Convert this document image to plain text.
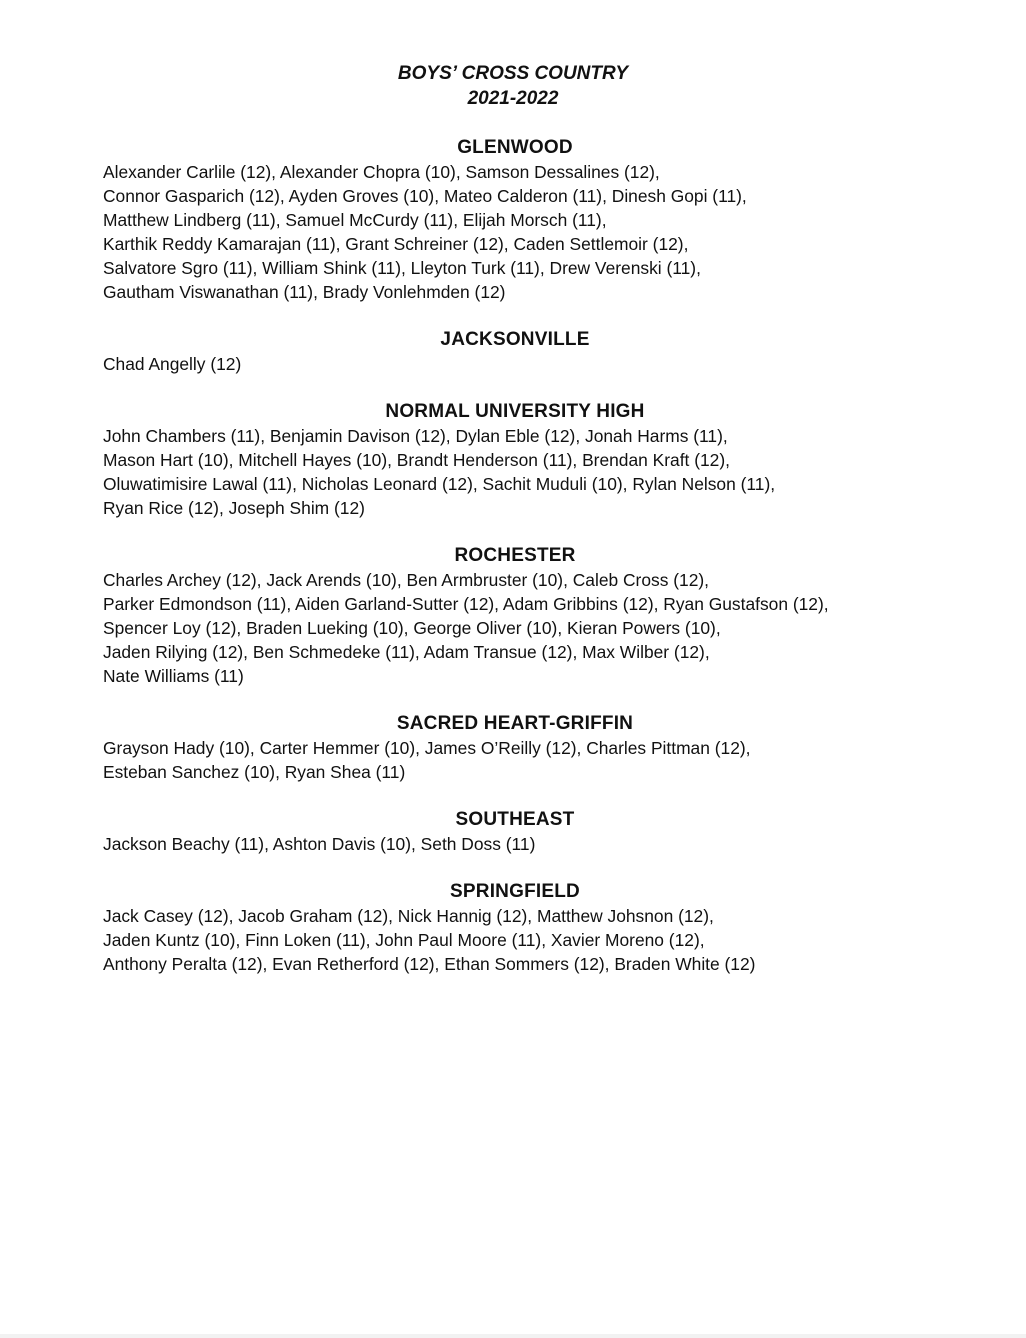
BOYS’ CROSS COUNTRY
2021-2022
GLENWOOD
Alexander Carlile (12), Alexander Chopra (10), Samson Dessalines (12),
Connor Gasparich (12), Ayden Groves (10), Mateo Calderon (11), Dinesh Gopi (11),
Matthew Lindberg (11), Samuel McCurdy (11), Elijah Morsch (11),
Karthik Reddy Kamarajan (11), Grant Schreiner (12), Caden Settlemoir (12),
Salvatore Sgro (11), William Shink (11), Lleyton Turk (11), Drew Verenski (11),
Gautham Viswanathan (11), Brady Vonlehmden (12)
JACKSONVILLE
Chad Angelly (12)
NORMAL UNIVERSITY HIGH
John Chambers (11), Benjamin Davison (12), Dylan Eble (12), Jonah Harms (11),
Mason Hart (10), Mitchell Hayes (10), Brandt Henderson (11), Brendan Kraft (12),
Oluwatimisire Lawal (11), Nicholas Leonard (12), Sachit Muduli (10), Rylan Nelson (11),
Ryan Rice (12), Joseph Shim (12)
ROCHESTER
Charles Archey (12), Jack Arends (10), Ben Armbruster (10), Caleb Cross (12),
Parker Edmondson (11), Aiden Garland-Sutter (12), Adam Gribbins (12), Ryan Gustafson (12),
Spencer Loy (12), Braden Lueking (10), George Oliver (10), Kieran Powers (10),
Jaden Rilying (12), Ben Schmedeke (11), Adam Transue (12), Max Wilber (12),
Nate Williams (11)
SACRED HEART-GRIFFIN
Grayson Hady (10), Carter Hemmer (10), James O’Reilly (12), Charles Pittman (12),
Esteban Sanchez (10), Ryan Shea (11)
SOUTHEAST
Jackson Beachy (11), Ashton Davis (10), Seth Doss (11)
SPRINGFIELD
Jack Casey (12), Jacob Graham (12), Nick Hannig (12), Matthew Johsnon (12),
Jaden Kuntz (10), Finn Loken (11), John Paul Moore (11), Xavier Moreno (12),
Anthony Peralta (12), Evan Retherford (12), Ethan Sommers (12), Braden White (12)
